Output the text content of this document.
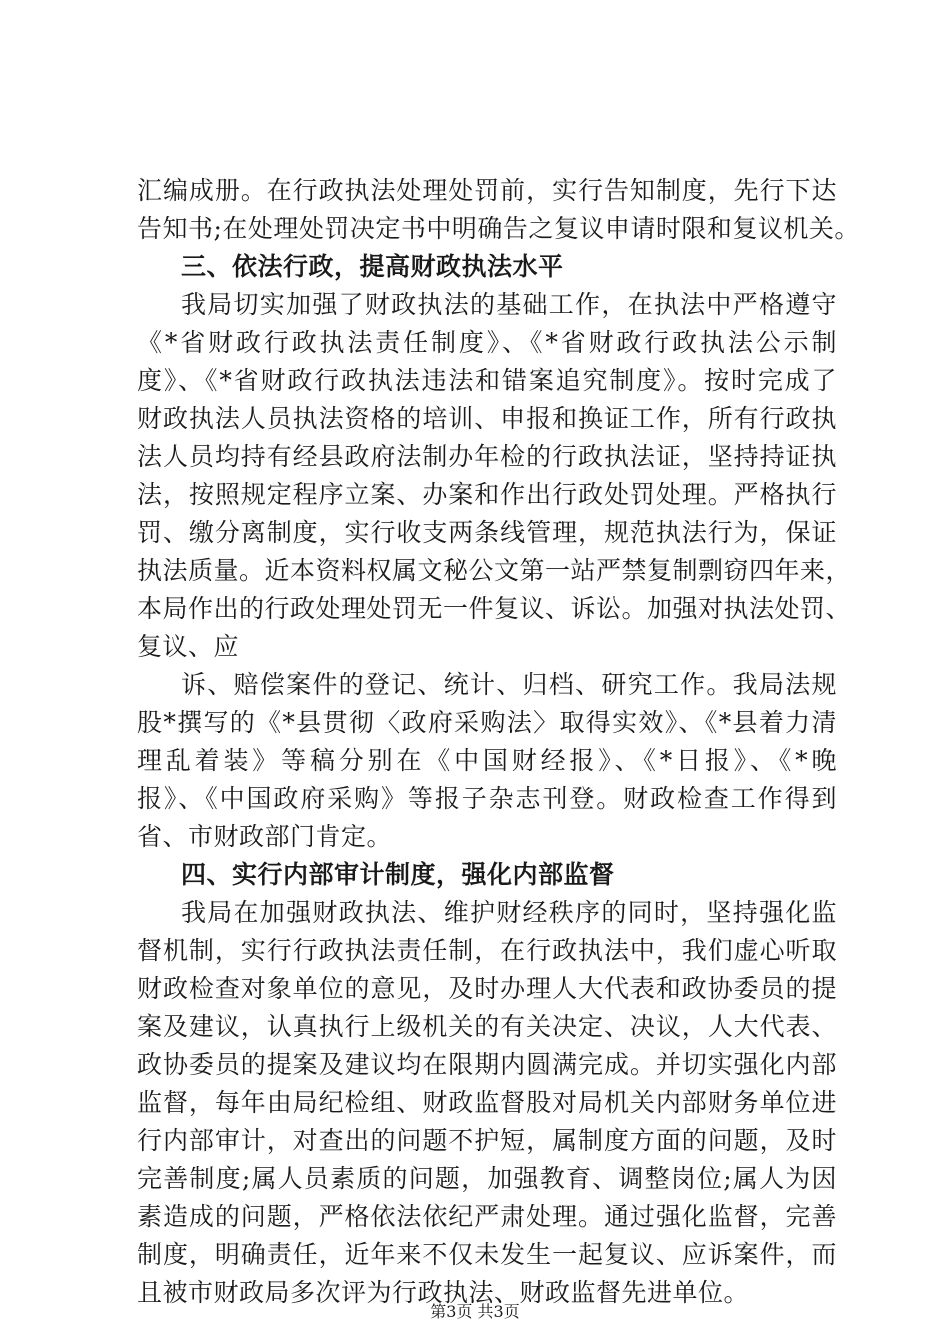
汇编成册。在行政执法处理处罚前，实行告知制度，先行下达
告知书;在处理处罚决定书中明确告之复议申请时限和复议机关。
三、依法行政，提高财政执法水平
我局切实加强了财政执法的基础工作，在执法中严格遵守
《*省财政行政执法责任制度》、《*省财政行政执法公示制
度》、《*省财政行政执法违法和错案追究制度》。按时完成了
财政执法人员执法资格的培训、申报和换证工作，所有行政执
法人员均持有经县政府法制办年检的行政执法证，坚持持证执
法，按照规定程序立案、办案和作出行政处罚处理。严格执行
罚、缴分离制度，实行收支两条线管理，规范执法行为，保证
执法质量。近本资料权属文秘公文第一站严禁复制剽窃四年来，
本局作出的行政处理处罚无一件复议、诉讼。加强对执法处罚、
复议、应
诉、赔偿案件的登记、统计、归档、研究工作。我局法规
股*撰写的《*县贯彻〈政府采购法〉取得实效》、《*县着力清
理乱着装》等稿分别在《中国财经报》、《*日报》、《*晚
报》、《中国政府采购》等报子杂志刊登。财政检查工作得到
省、市财政部门肯定。
四、实行内部审计制度，强化内部监督
我局在加强财政执法、维护财经秩序的同时，坚持强化监
督机制，实行行政执法责任制，在行政执法中，我们虚心听取
财政检查对象单位的意见，及时办理人大代表和政协委员的提
案及建议，认真执行上级机关的有关决定、决议，人大代表、
政协委员的提案及建议均在限期内圆满完成。并切实强化内部
监督，每年由局纪检组、财政监督股对局机关内部财务单位进
行内部审计，对查出的问题不护短，属制度方面的问题，及时
完善制度;属人员素质的问题，加强教育、调整岗位;属人为因
素造成的问题，严格依法依纪严肃处理。通过强化监督，完善
制度，明确责任，近年来不仅未发生一起复议、应诉案件，而
且被市财政局多次评为行政执法、财政监督先进单位。
第3页 共3页
